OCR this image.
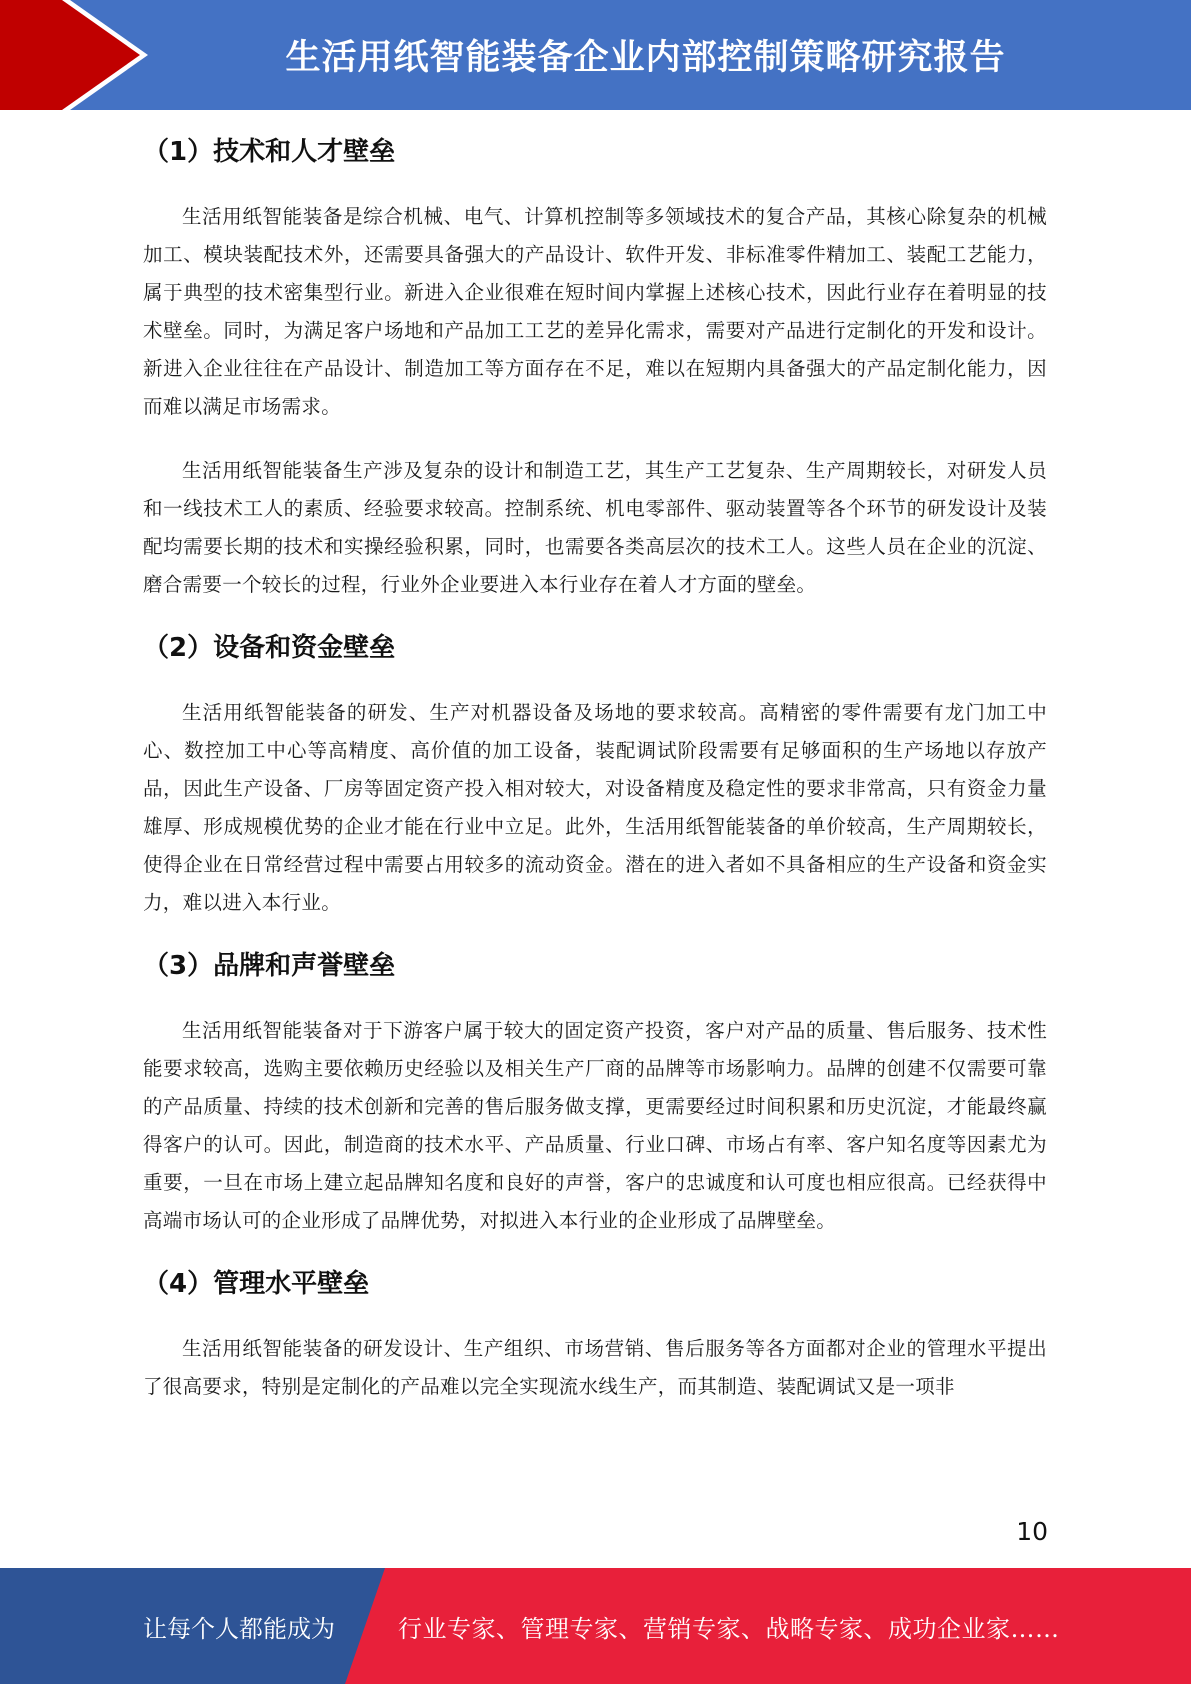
生活用纸智能装备企业内部控制策略研究报告
（1）技术和人才壁垒

生活用纸智能装备是综合机械、电气、计算机控制等多领域技术的复合产品，其核心除复杂的机械加工、模块装配技术外，还需要具备强大的产品设计、软件开发、非标准零件精加工、装配工艺能力，属于典型的技术密集型行业。新进入企业很难在短时间内掌握上述核心技术，因此行业存在着明显的技术壁垒。同时，为满足客户场地和产品加工工艺的差异化需求，需要对产品进行定制化的开发和设计。新进入企业往往在产品设计、制造加工等方面存在不足，难以在短期内具备强大的产品定制化能力，因而难以满足市场需求。

生活用纸智能装备生产涉及复杂的设计和制造工艺，其生产工艺复杂、生产周期较长，对研发人员和一线技术工人的素质、经验要求较高。控制系统、机电零部件、驱动装置等各个环节的研发设计及装配均需要长期的技术和实操经验积累，同时，也需要各类高层次的技术工人。这些人员在企业的沉淀、磨合需要一个较长的过程，行业外企业要进入本行业存在着人才方面的壁垒。

（2）设备和资金壁垒

生活用纸智能装备的研发、生产对机器设备及场地的要求较高。高精密的零件需要有龙门加工中心、数控加工中心等高精度、高价值的加工设备，装配调试阶段需要有足够面积的生产场地以存放产品，因此生产设备、厂房等固定资产投入相对较大，对设备精度及稳定性的要求非常高，只有资金力量雄厚、形成规模优势的企业才能在行业中立足。此外，生活用纸智能装备的单价较高，生产周期较长，使得企业在日常经营过程中需要占用较多的流动资金。潜在的进入者如不具备相应的生产设备和资金实力，难以进入本行业。

（3）品牌和声誉壁垒

生活用纸智能装备对于下游客户属于较大的固定资产投资，客户对产品的质量、售后服务、技术性能要求较高，选购主要依赖历史经验以及相关生产厂商的品牌等市场影响力。品牌的创建不仅需要可靠的产品质量、持续的技术创新和完善的售后服务做支撑，更需要经过时间积累和历史沉淀，才能最终赢得客户的认可。因此，制造商的技术水平、产品质量、行业口碑、市场占有率、客户知名度等因素尤为重要，一旦在市场上建立起品牌知名度和良好的声誉，客户的忠诚度和认可度也相应很高。已经获得中高端市场认可的企业形成了品牌优势，对拟进入本行业的企业形成了品牌壁垒。

（4）管理水平壁垒

生活用纸智能装备的研发设计、生产组织、市场营销、售后服务等各方面都对企业的管理水平提出了很高要求，特别是定制化的产品难以完全实现流水线生产，而其制造、装配调试又是一项非

10
让每个人都能成为	行业专家、管理专家、营销专家、战略专家、成功企业家……
